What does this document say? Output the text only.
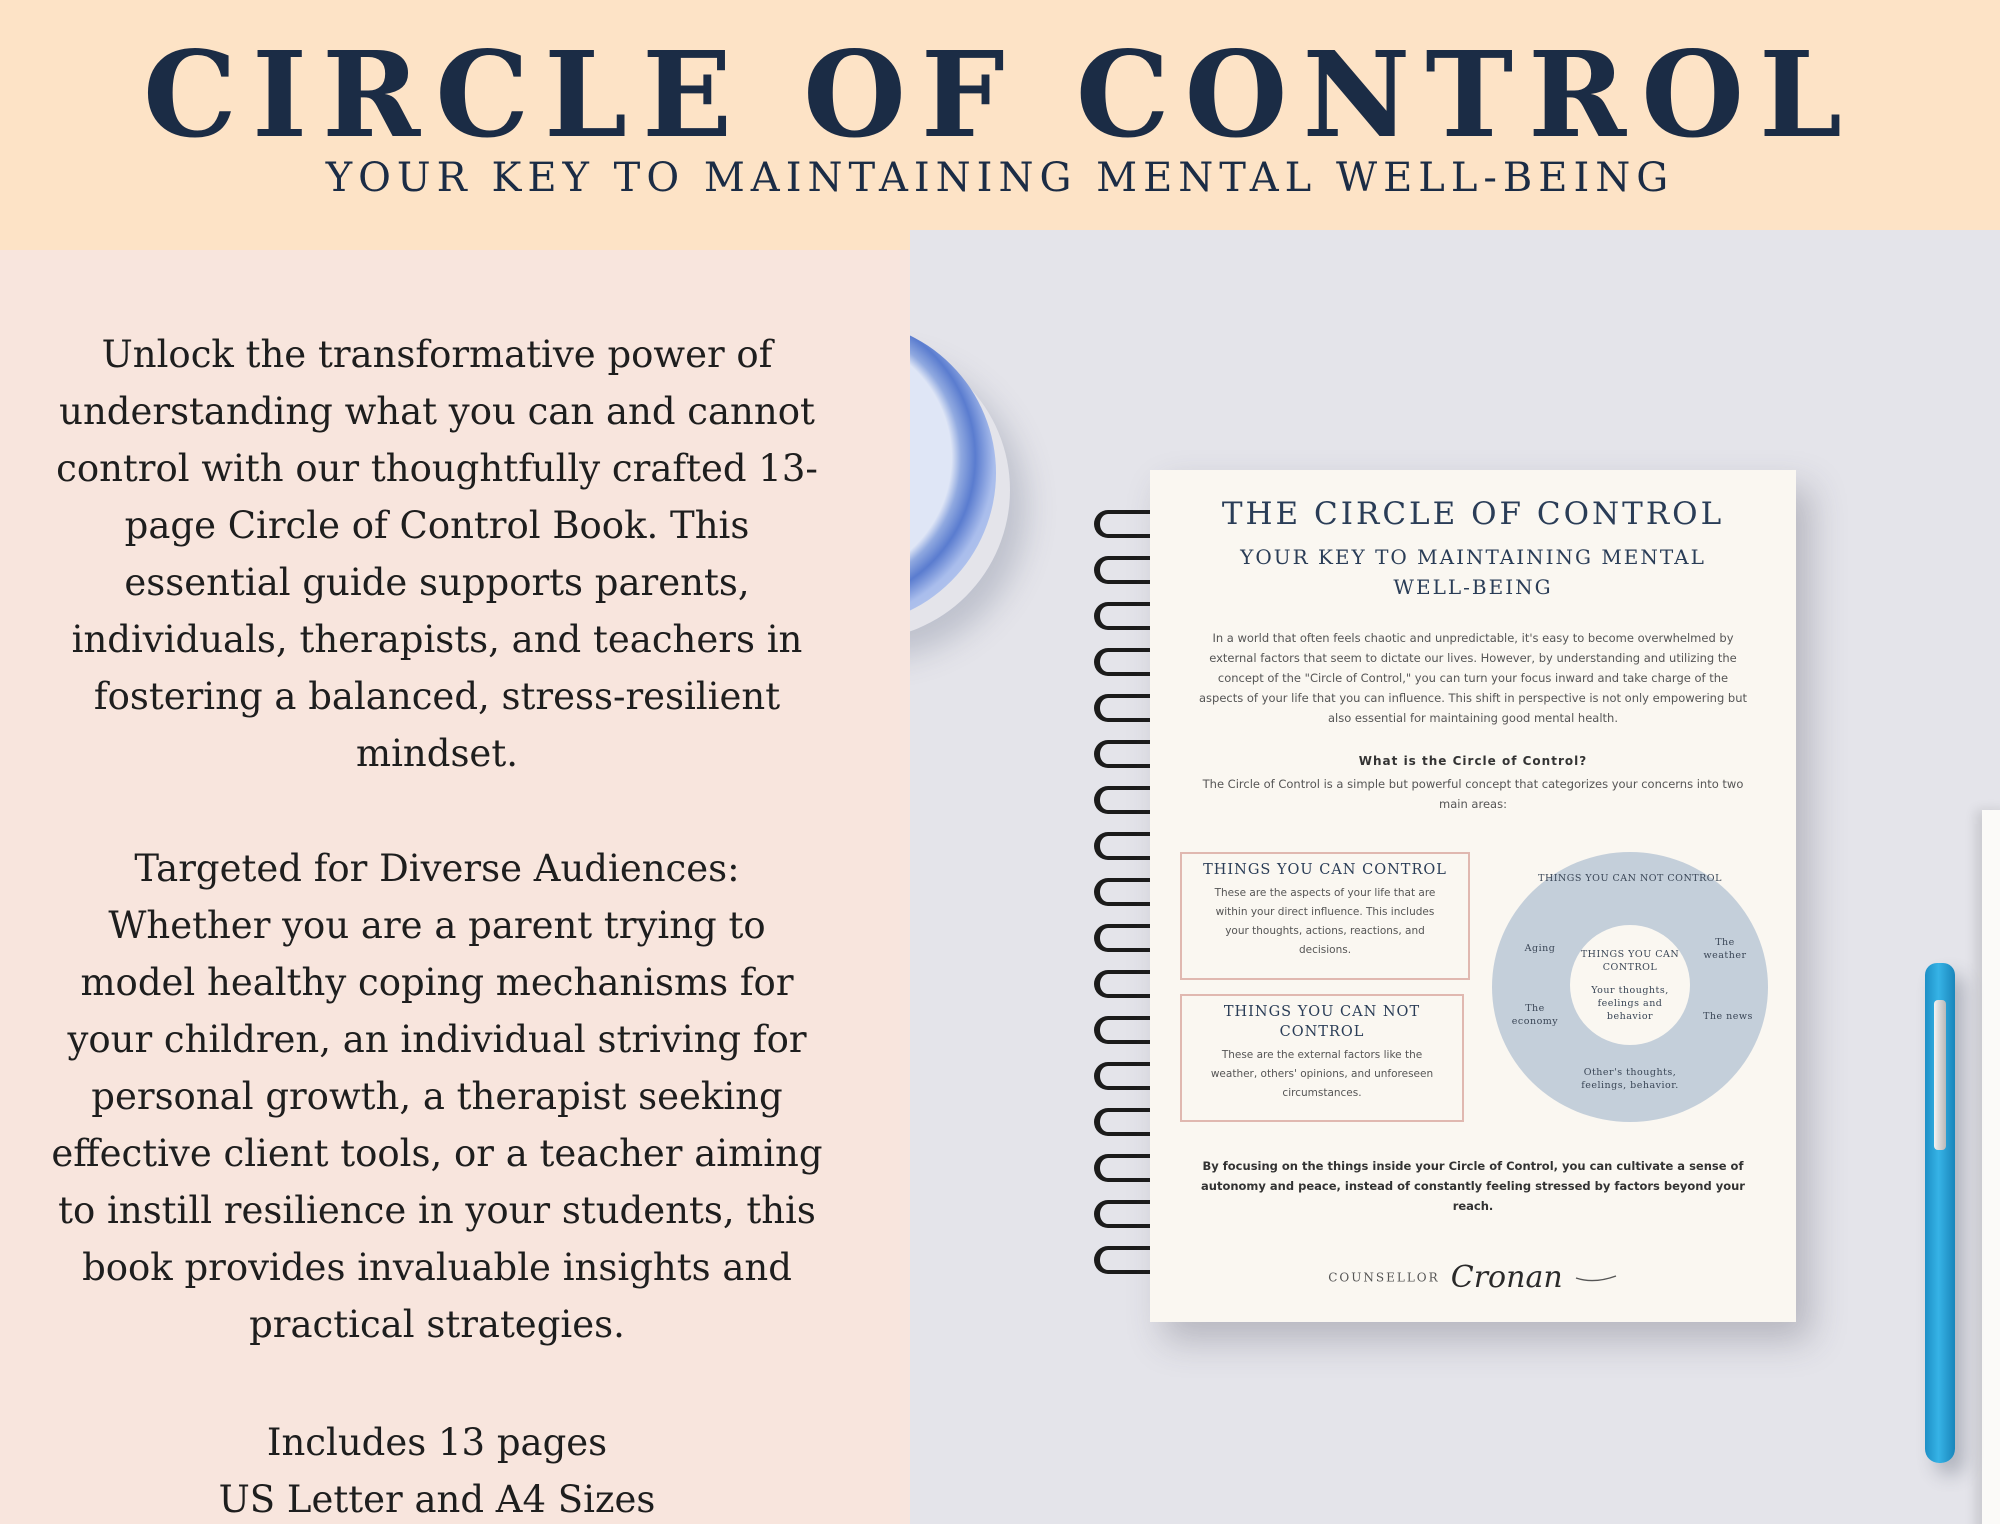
CIRCLE OF CONTROL
YOUR KEY TO MAINTAINING MENTAL WELL-BEING
Unlock the transformative power of
understanding what you can and cannot
control with our thoughtfully crafted 13-
page Circle of Control Book. This
essential guide supports parents,
individuals, therapists, and teachers in
fostering a balanced, stress-resilient
mindset.
Targeted for Diverse Audiences:
Whether you are a parent trying to
model healthy coping mechanisms for
your children, an individual striving for
personal growth, a therapist seeking
effective client tools, or a teacher aiming
to instill resilience in your students, this
book provides invaluable insights and
practical strategies.
Includes 13 pages
US Letter and A4 Sizes
THE CIRCLE OF CONTROL
YOUR KEY TO MAINTAINING MENTAL
WELL-BEING
In a world that often feels chaotic and unpredictable, it's easy to become overwhelmed by
external factors that seem to dictate our lives. However, by understanding and utilizing the
concept of the "Circle of Control," you can turn your focus inward and take charge of the
aspects of your life that you can influence. This shift in perspective is not only empowering but
also essential for maintaining good mental health.
What is the Circle of Control?
The Circle of Control is a simple but powerful concept that categorizes your concerns into two
main areas:
THINGS YOU CAN CONTROL
These are the aspects of your life that are
within your direct influence. This includes
your thoughts, actions, reactions, and
decisions.
THINGS YOU CAN NOT
CONTROL
These are the external factors like the
weather, others' opinions, and unforeseen
circumstances.
THINGS YOU CAN NOT CONTROL
THINGS YOU CAN
CONTROL
Your thoughts,
feelings and
behavior
Aging
The
weather
The
economy	The news
Other's thoughts,
feelings, behavior.
By focusing on the things inside your Circle of Control, you can cultivate a sense of
autonomy and peace, instead of constantly feeling stressed by factors beyond your
reach.
COUNSELLOR Cronan
